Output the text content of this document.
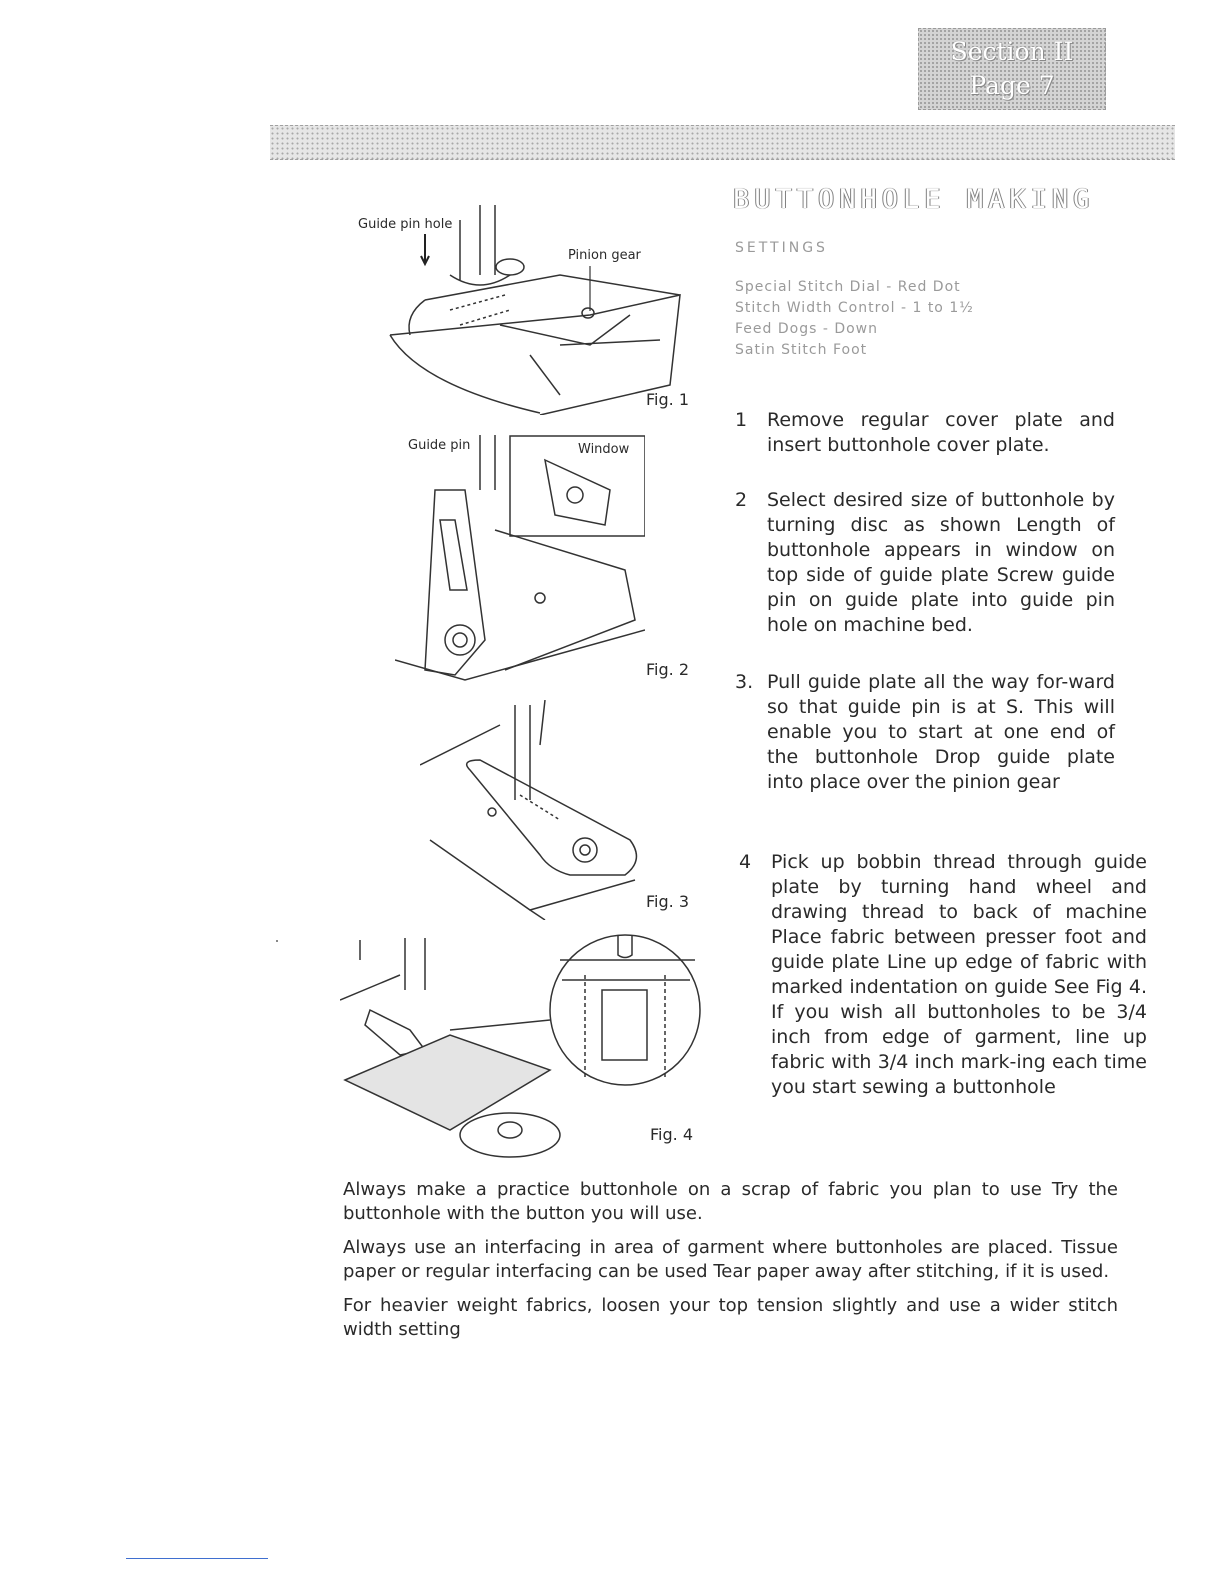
Section II
Page 7
BUTTONHOLE MAKING
SETTINGS
Special Stitch Dial - Red Dot
Stitch Width Control - 1 to 1½
Feed Dogs - Down
Satin Stitch Foot
1 Remove regular cover plate and insert buttonhole cover plate.
2 Select desired size of buttonhole by turning disc as shown Length of buttonhole appears in window on top side of guide plate Screw guide pin on guide plate into guide pin hole on machine bed.
3. Pull guide plate all the way for-ward so that guide pin is at S. This will enable you to start at one end of the buttonhole Drop guide plate into place over the pinion gear
4 Pick up bobbin thread through guide plate by turning hand wheel and drawing thread to back of machine Place fabric between presser foot and guide plate Line up edge of fabric with marked indentation on guide See Fig 4. If you wish all buttonholes to be 3/4 inch from edge of garment, line up fabric with 3/4 inch mark-ing each time you start sewing a buttonhole
Guide pin hole
Pinion gear
Fig. 1
Guide pin	Window
Fig. 2
Fig. 3
Fig. 4

Always make a practice buttonhole on a scrap of fabric you plan to use Try the buttonhole with the button you will use.

Always use an interfacing in area of garment where buttonholes are placed. Tissue paper or regular interfacing can be used Tear paper away after stitching, if it is used.

For heavier weight fabrics, loosen your top tension slightly and use a wider stitch width setting
